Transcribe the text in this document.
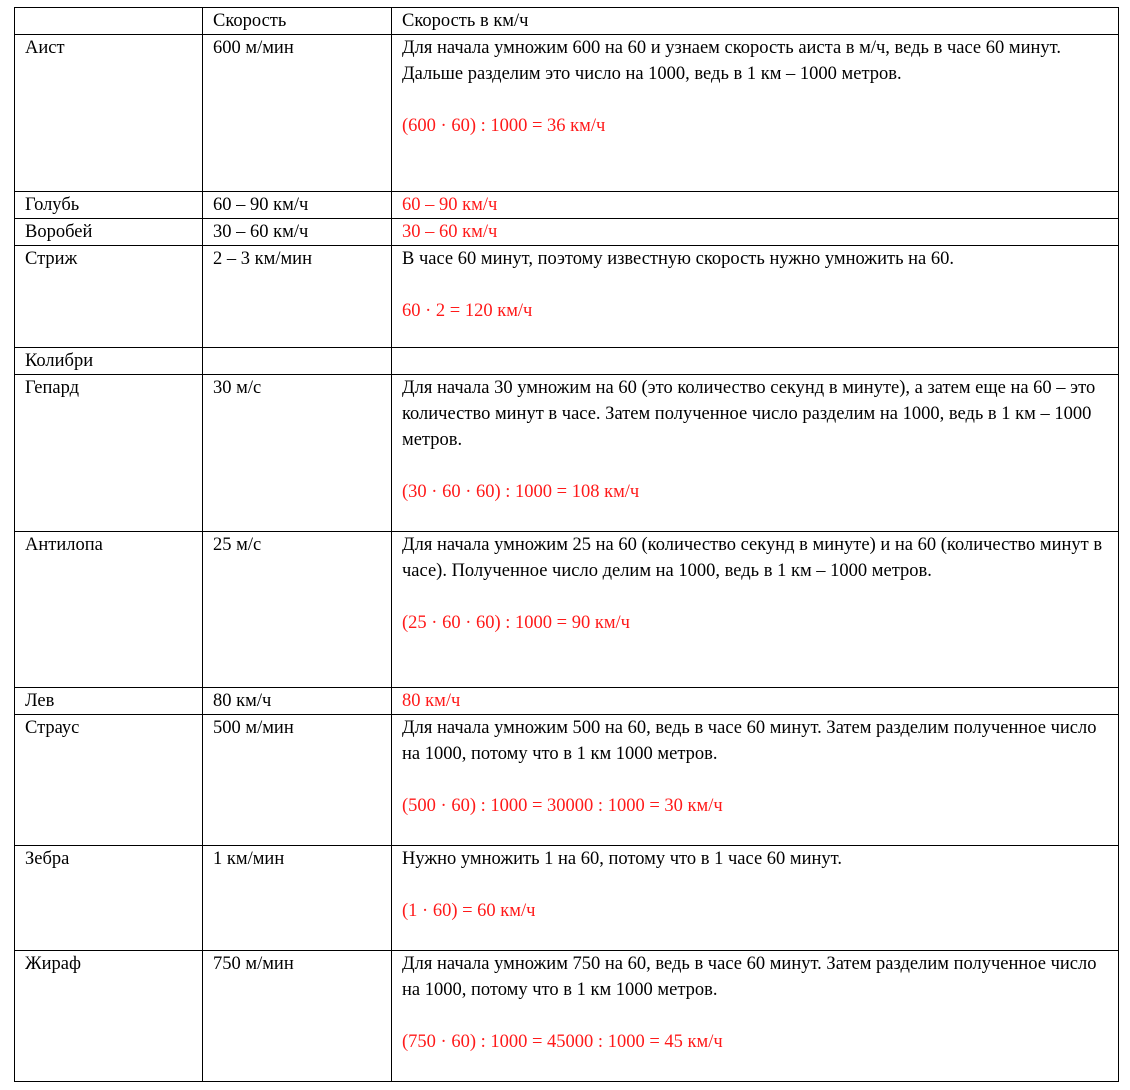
	Скорость	Скорость в км/ч
Аист	600 м/мин	Для начала умножим 600 на 60 и узнаем скорость аиста в м/ч, ведь в часе 60 минут. Дальше разделим это число на 1000, ведь в 1 км – 1000 метров.

(600 · 60) : 1000 = 36 км/ч

Голубь	60 – 90 км/ч	60 – 90 км/ч
Воробей	30 – 60 км/ч	30 – 60 км/ч
Стриж	2 – 3 км/мин	В часе 60 минут, поэтому известную скорость нужно умножить на 60.

60 · 2 = 120 км/ч

Колибри		
Гепард	30 м/с	Для начала 30 умножим на 60 (это количество секунд в минуте), а затем еще на 60 – это количество минут в часе. Затем полученное число разделим на 1000, ведь в 1 км – 1000 метров.

(30 · 60 · 60) : 1000 = 108 км/ч

Антилопа	25 м/с	Для начала умножим 25 на 60 (количество секунд в минуте) и на 60 (количество минут в часе). Полученное число делим на 1000, ведь в 1 км – 1000 метров.

(25 · 60 · 60) : 1000 = 90 км/ч

Лев	80 км/ч	80 км/ч
Страус	500 м/мин	Для начала умножим 500 на 60, ведь в часе 60 минут. Затем разделим полученное число на 1000, потому что в 1 км 1000 метров.

(500 · 60) : 1000 = 30000 : 1000 = 30 км/ч

Зебра	1 км/мин	Нужно умножить 1 на 60, потому что в 1 часе 60 минут.

(1 · 60) = 60 км/ч

Жираф	750 м/мин	Для начала умножим 750 на 60, ведь в часе 60 минут. Затем разделим полученное число на 1000, потому что в 1 км 1000 метров.

(750 · 60) : 1000 = 45000 : 1000 = 45 км/ч
